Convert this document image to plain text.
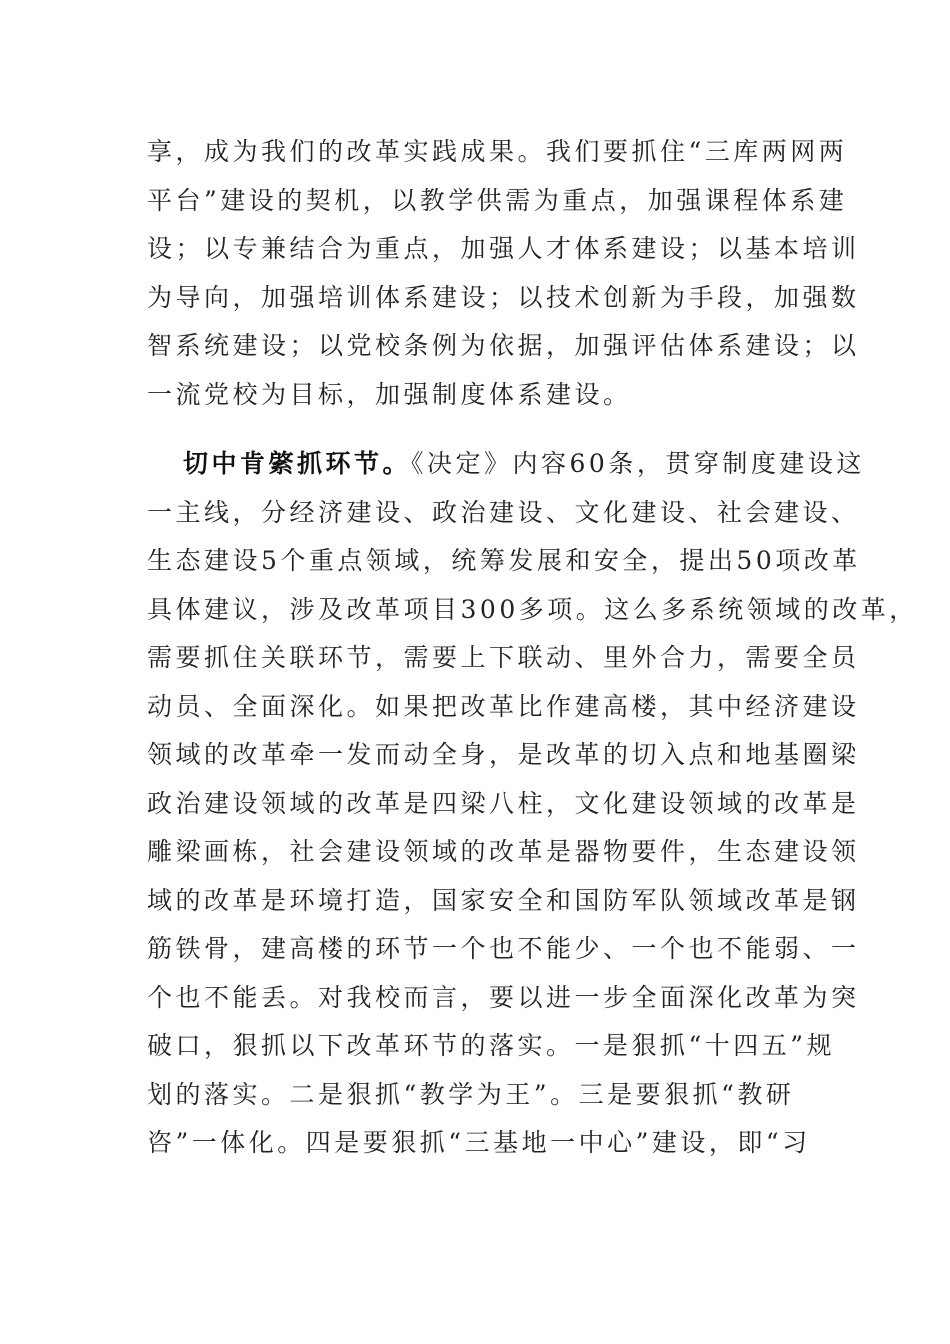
享，成为我们的改革实践成果。我们要抓住“三库两网两
平台”建设的契机，以教学供需为重点，加强课程体系建
设；以专兼结合为重点，加强人才体系建设；以基本培训
为导向，加强培训体系建设；以技术创新为手段，加强数
智系统建设；以党校条例为依据，加强评估体系建设；以
一流党校为目标，加强制度体系建设。
切中肯綮抓环节。《决定》内容60条，贯穿制度建设这
一主线，分经济建设、政治建设、文化建设、社会建设、
生态建设5个重点领域，统筹发展和安全，提出50项改革
具体建议，涉及改革项目300多项。这么多系统领域的改革，
需要抓住关联环节，需要上下联动、里外合力，需要全员
动员、全面深化。如果把改革比作建高楼，其中经济建设
领域的改革牵一发而动全身，是改革的切入点和地基圈梁
政治建设领域的改革是四梁八柱，文化建设领域的改革是
雕梁画栋，社会建设领域的改革是器物要件，生态建设领
域的改革是环境打造，国家安全和国防军队领域改革是钢
筋铁骨，建高楼的环节一个也不能少、一个也不能弱、一
个也不能丢。对我校而言，要以进一步全面深化改革为突
破口，狠抓以下改革环节的落实。一是狠抓“十四五”规
划的落实。二是狠抓“教学为王”。三是要狠抓“教研
咨”一体化。四是要狠抓“三基地一中心”建设，即“习
